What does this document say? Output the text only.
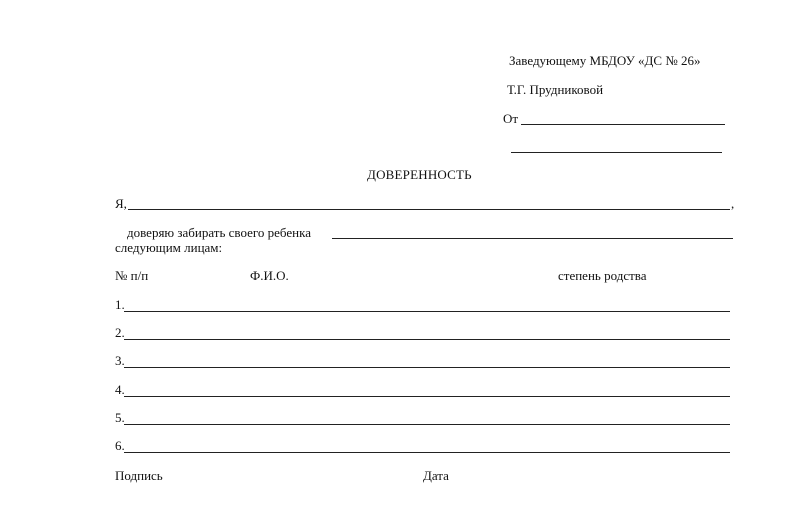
Заведующему МБДОУ «ДС № 26»
Т.Г. Прудниковой
От
ДОВЕРЕННОСТЬ
Я,	,
доверяю забирать своего ребенка
следующим лицам:
№ п/п	Ф.И.О.	степень родства
1.
2.
3.
4.
5.
6.
Подпись	Дата
